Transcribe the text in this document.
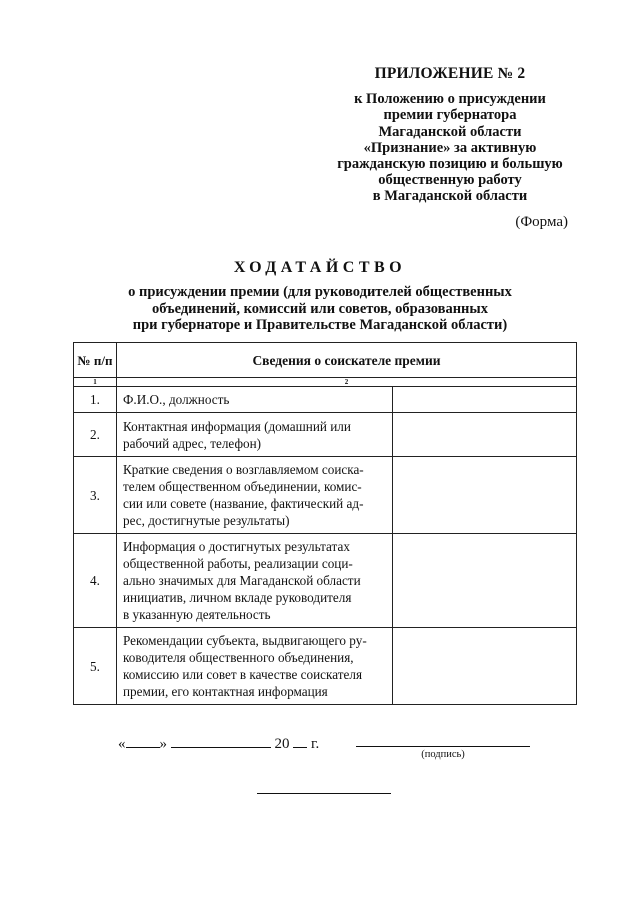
ПРИЛОЖЕНИЕ № 2
к Положению о присуждении
премии губернатора
Магаданской области
«Признание» за активную
гражданскую позицию и большую
общественную работу
в Магаданской области
(Форма)
ХОДАТАЙСТВО
о присуждении премии (для руководителей общественных
объединений, комиссий или советов, образованных
при губернаторе и Правительстве Магаданской области)
№ п/п	Сведения о соискателе премии	
1	2	
1.	Ф.И.О., должность	

2.	Контактная информация (домашний или
рабочий адрес, телефон)	

3.	Краткие сведения о возглавляемом соиска-
телем общественном объединении, комис-
сии или совете (название, фактический ад-
рес, достигнутые результаты)	

4.	Информация о достигнутых результатах
общественной работы, реализации соци-
ально значимых для Магаданской области
инициатив, личном вкладе руководителя
в указанную деятельность	

5.	Рекомендации субъекта, выдвигающего ру-
ководителя общественного объединения,
комиссию или совет в качестве соискателя
премии, его контактная информация	

« »	20 г.
(подпись)
